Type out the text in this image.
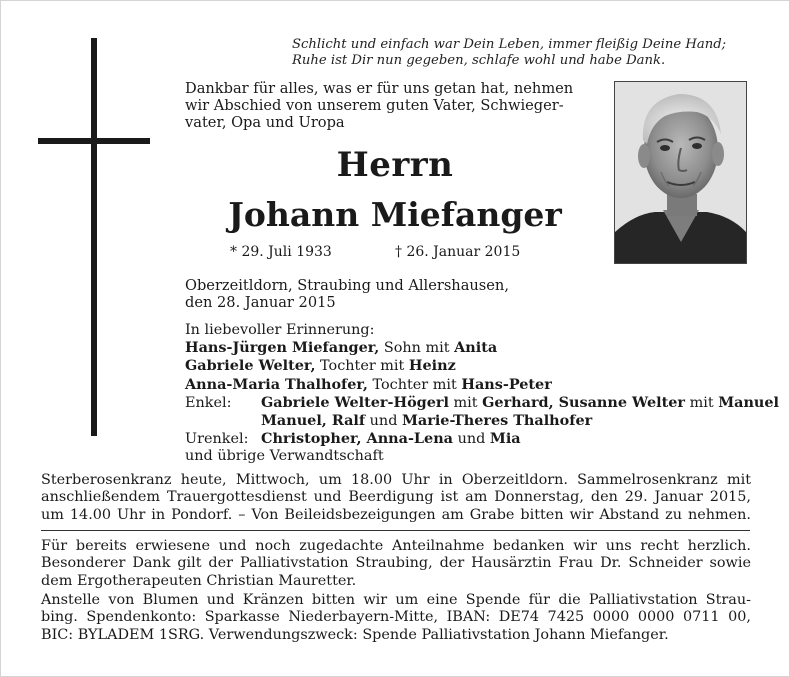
Schlicht und einfach war Dein Leben, immer fleißig Deine Hand;
Ruhe ist Dir nun gegeben, schlafe wohl und habe Dank.
Dankbar für alles, was er für uns getan hat, nehmen
wir Abschied von unserem guten Vater, Schwieger-
vater, Opa und Uropa
Herrn
Johann Miefanger
* 29. Juli 1933	† 26. Januar 2015
Oberzeitldorn, Straubing und Allershausen,
den 28. Januar 2015
In liebevoller Erinnerung:
Hans-Jürgen Miefanger, Sohn mit Anita
Gabriele Welter, Tochter mit Heinz
Anna-Maria Thalhofer, Tochter mit Hans-Peter
Enkel: Gabriele Welter-Högerl mit Gerhard, Susanne Welter mit Manuel
Manuel, Ralf und Marie-Theres Thalhofer
Urenkel: Christopher, Anna-Lena und Mia
und übrige Verwandtschaft
Sterberosenkranz heute, Mittwoch, um 18.00 Uhr in Oberzeitldorn. Sammelrosenkranz mit
anschließendem Trauergottesdienst und Beerdigung ist am Donnerstag, den 29. Januar 2015,
um 14.00 Uhr in Pondorf. – Von Beileidsbezeigungen am Grabe bitten wir Abstand zu nehmen.
Für bereits erwiesene und noch zugedachte Anteilnahme bedanken wir uns recht herzlich.
Besonderer Dank gilt der Palliativstation Straubing, der Hausärztin Frau Dr. Schneider sowie
dem Ergotherapeuten Christian Mauretter.
Anstelle von Blumen und Kränzen bitten wir um eine Spende für die Palliativstation Strau-
bing. Spendenkonto: Sparkasse Niederbayern-Mitte, IBAN: DE74 7425 0000 0000 0711 00,
BIC: BYLADEM 1SRG. Verwendungszweck: Spende Palliativstation Johann Miefanger.
